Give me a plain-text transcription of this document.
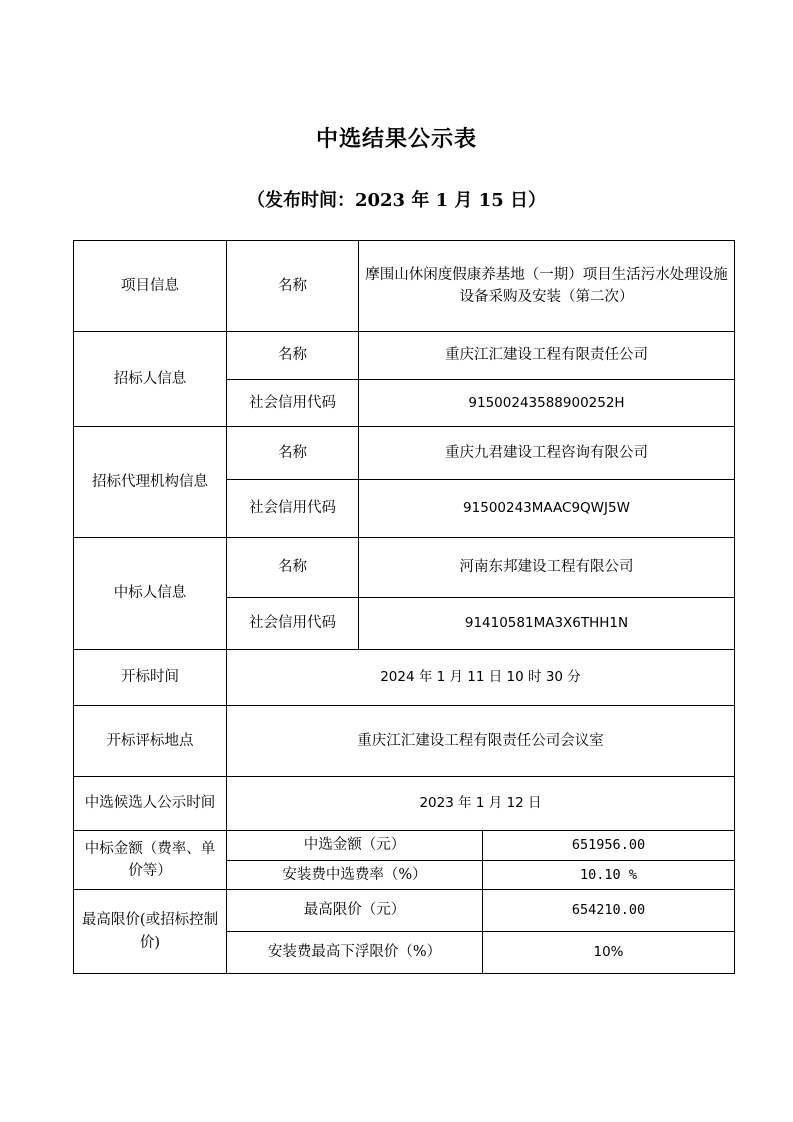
中选结果公示表
（发布时间：2023 年 1 月 15 日）
项目信息	名称	摩围山休闲度假康养基地（一期）项目生活污水处理设施设备采购及安装（第二次）	
招标人信息	名称	重庆江汇建设工程有限责任公司	
	社会信用代码	91500243588900252H	
招标代理机构信息	名称	重庆九君建设工程咨询有限公司	
	社会信用代码	91500243MAAC9QWJ5W	
中标人信息	名称	河南东邦建设工程有限公司	
	社会信用代码	91410581MA3X6THH1N	
开标时间	2024 年 1 月 11 日 10 时 30 分		
开标评标地点	重庆江汇建设工程有限责任公司会议室		
中选候选人公示时间	2023 年 1 月 12 日		
中标金额（费率、单价等）	中选金额（元）		651956.00
	安装费中选费率（%）		10.10 %
最高限价(或招标控制价)	最高限价（元）		654210.00
	安装费最高下浮限价（%）		10%
